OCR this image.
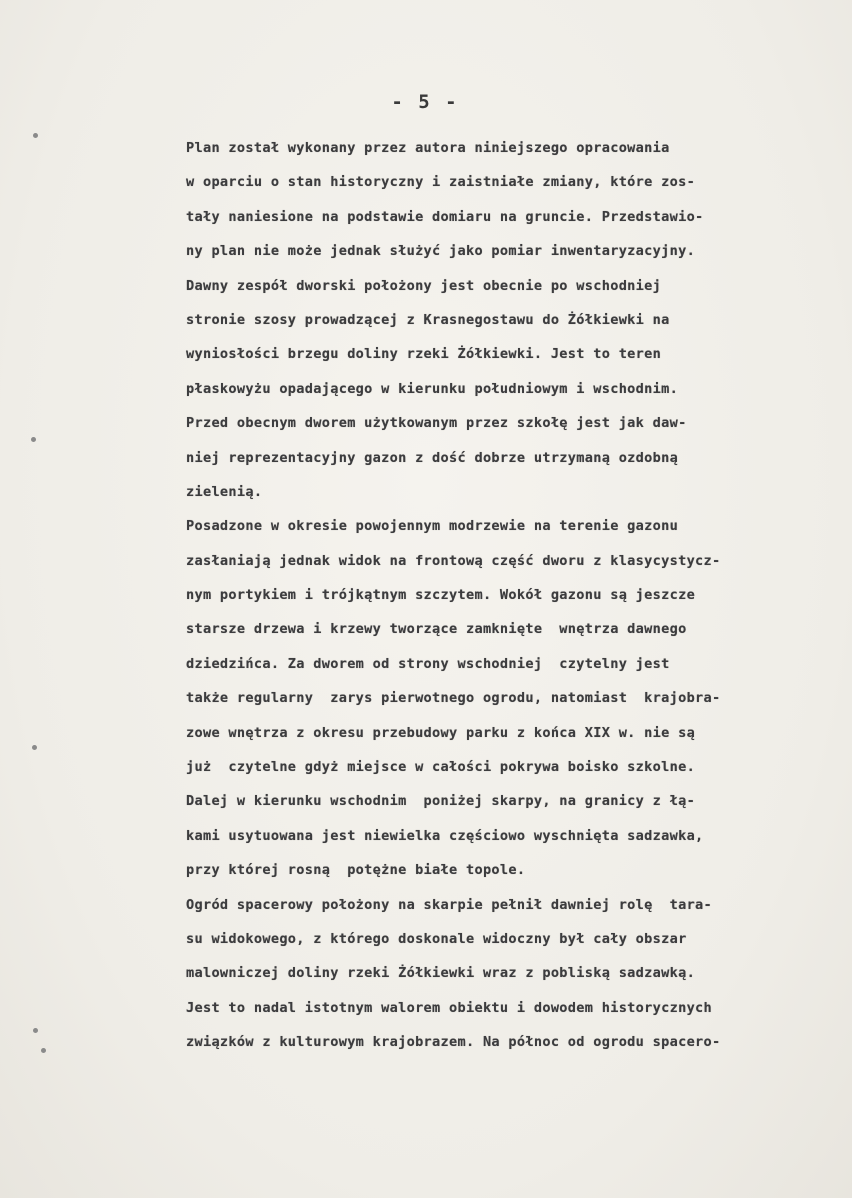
- 5 -
Plan został wykonany przez autora niniejszego opracowania
w oparciu o stan historyczny i zaistniałe zmiany, które zos-
tały naniesione na podstawie domiaru na gruncie. Przedstawio-
ny plan nie może jednak służyć jako pomiar inwentaryzacyjny.
Dawny zespół dworski położony jest obecnie po wschodniej
stronie szosy prowadzącej z Krasnegostawu do Żółkiewki na
wyniosłości brzegu doliny rzeki Żółkiewki. Jest to teren
płaskowyżu opadającego w kierunku południowym i wschodnim.
Przed obecnym dworem użytkowanym przez szkołę jest jak daw-
niej reprezentacyjny gazon z dość dobrze utrzymaną ozdobną
zielenią.
Posadzone w okresie powojennym modrzewie na terenie gazonu
zasłaniają jednak widok na frontową część dworu z klasycystycz-
nym portykiem i trójkątnym szczytem. Wokół gazonu są jeszcze
starsze drzewa i krzewy tworzące zamknięte  wnętrza dawnego
dziedzińca. Za dworem od strony wschodniej  czytelny jest
także regularny  zarys pierwotnego ogrodu, natomiast  krajobra-
zowe wnętrza z okresu przebudowy parku z końca XIX w. nie są
już  czytelne gdyż miejsce w całości pokrywa boisko szkolne.
Dalej w kierunku wschodnim  poniżej skarpy, na granicy z łą-
kami usytuowana jest niewielka częściowo wyschnięta sadzawka,
przy której rosną  potężne białe topole.
Ogród spacerowy położony na skarpie pełnił dawniej rolę  tara-
su widokowego, z którego doskonale widoczny był cały obszar
malowniczej doliny rzeki Żółkiewki wraz z pobliską sadzawką.
Jest to nadal istotnym walorem obiektu i dowodem historycznych
związków z kulturowym krajobrazem. Na północ od ogrodu spacero-
